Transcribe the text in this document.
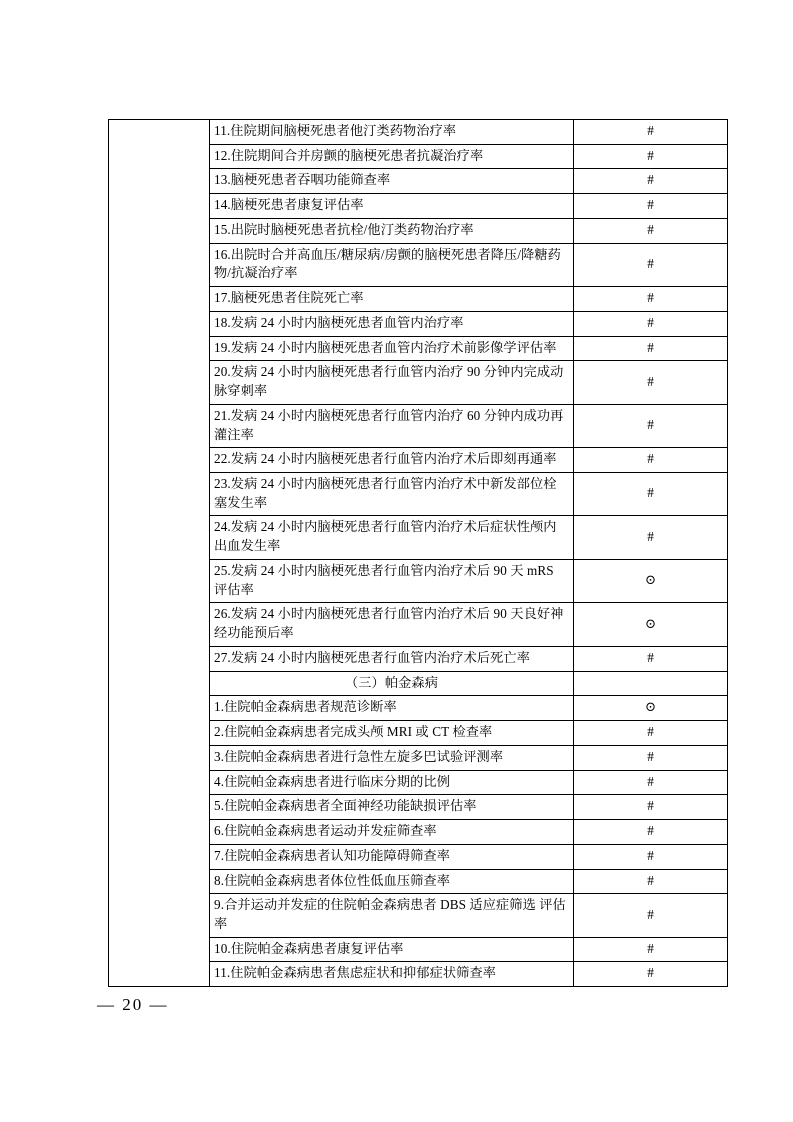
	11.住院期间脑梗死患者他汀类药物治疗率	#
	12.住院期间合并房颤的脑梗死患者抗凝治疗率	#
	13.脑梗死患者吞咽功能筛查率	#
	14.脑梗死患者康复评估率	#
	15.出院时脑梗死患者抗栓/他汀类药物治疗率	#
	16.出院时合并高血压/糖尿病/房颤的脑梗死患者降压/降糖药物/抗凝治疗率	#
	17.脑梗死患者住院死亡率	#
	18.发病 24 小时内脑梗死患者血管内治疗率	#
	19.发病 24 小时内脑梗死患者血管内治疗术前影像学评估率	#
	20.发病 24 小时内脑梗死患者行血管内治疗 90 分钟内完成动脉穿刺率	#
	21.发病 24 小时内脑梗死患者行血管内治疗 60 分钟内成功再灌注率	#
	22.发病 24 小时内脑梗死患者行血管内治疗术后即刻再通率	#
	23.发病 24 小时内脑梗死患者行血管内治疗术中新发部位栓塞发生率	#
	24.发病 24 小时内脑梗死患者行血管内治疗术后症状性颅内出血发生率	#
	25.发病 24 小时内脑梗死患者行血管内治疗术后 90 天 mRS 评估率	⊙
	26.发病 24 小时内脑梗死患者行血管内治疗术后 90 天良好神经功能预后率	⊙
	27.发病 24 小时内脑梗死患者行血管内治疗术后死亡率	#
	（三）帕金森病	
	1.住院帕金森病患者规范诊断率	⊙
	2.住院帕金森病患者完成头颅 MRI 或 CT 检查率	#
	3.住院帕金森病患者进行急性左旋多巴试验评测率	#
	4.住院帕金森病患者进行临床分期的比例	#
	5.住院帕金森病患者全面神经功能缺损评估率	#
	6.住院帕金森病患者运动并发症筛查率	#
	7.住院帕金森病患者认知功能障碍筛查率	#
	8.住院帕金森病患者体位性低血压筛查率	#
	9.合并运动并发症的住院帕金森病患者 DBS 适应症筛选 评估率	#
	10.住院帕金森病患者康复评估率	#
	11.住院帕金森病患者焦虑症状和抑郁症状筛查率	#
— 20 —
